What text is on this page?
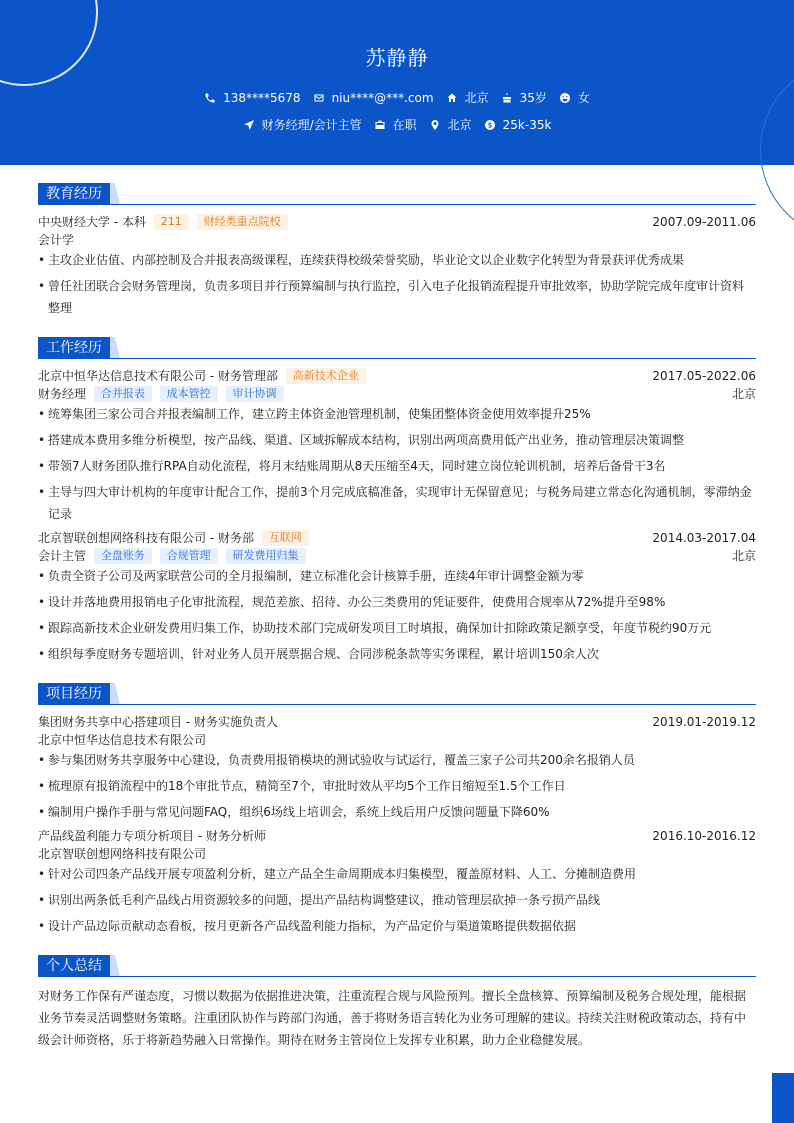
苏静静
138****5678	niu****@***.com	北京	35岁	女
财务经理/会计主管	在职	北京	25k-35k
教育经历
中央财经大学 - 本科 211 财经类重点院校	2007.09-2011.06
会计学
• 主攻企业估值、内部控制及合并报表高级课程，连续获得校级荣誉奖励，毕业论文以企业数字化转型为背景获评优秀成果
• 曾任社团联合会财务管理岗，负责多项目并行预算编制与执行监控，引入电子化报销流程提升审批效率，协助学院完成年度审计资料
整理
工作经历
北京中恒华达信息技术有限公司 - 财务管理部 高新技术企业	2017.05-2022.06
财务经理 合并报表 成本管控 审计协调	北京
• 统筹集团三家公司合并报表编制工作，建立跨主体资金池管理机制，使集团整体资金使用效率提升25%
• 搭建成本费用多维分析模型，按产品线、渠道、区域拆解成本结构，识别出两项高费用低产出业务，推动管理层决策调整
• 带领7人财务团队推行RPA自动化流程，将月末结账周期从8天压缩至4天，同时建立岗位轮训机制，培养后备骨干3名
• 主导与四大审计机构的年度审计配合工作，提前3个月完成底稿准备，实现审计无保留意见；与税务局建立常态化沟通机制，零滞纳金
记录
北京智联创想网络科技有限公司 - 财务部 互联网	2014.03-2017.04
会计主管 全盘账务 合规管理 研发费用归集	北京
• 负责全资子公司及两家联营公司的全月报编制，建立标准化会计核算手册，连续4年审计调整金额为零
• 设计并落地费用报销电子化审批流程，规范差旅、招待、办公三类费用的凭证要件，使费用合规率从72%提升至98%
• 跟踪高新技术企业研发费用归集工作，协助技术部门完成研发项目工时填报，确保加计扣除政策足额享受，年度节税约90万元
• 组织每季度财务专题培训，针对业务人员开展票据合规、合同涉税条款等实务课程，累计培训150余人次
项目经历
集团财务共享中心搭建项目 - 财务实施负责人	2019.01-2019.12
北京中恒华达信息技术有限公司
• 参与集团财务共享服务中心建设，负责费用报销模块的测试验收与试运行，覆盖三家子公司共200余名报销人员
• 梳理原有报销流程中的18个审批节点，精简至7个，审批时效从平均5个工作日缩短至1.5个工作日
• 编制用户操作手册与常见问题FAQ，组织6场线上培训会，系统上线后用户反馈问题量下降60%
产品线盈利能力专项分析项目 - 财务分析师	2016.10-2016.12
北京智联创想网络科技有限公司
• 针对公司四条产品线开展专项盈利分析，建立产品全生命周期成本归集模型，覆盖原材料、人工、分摊制造费用
• 识别出两条低毛利产品线占用资源较多的问题，提出产品结构调整建议，推动管理层砍掉一条亏损产品线
• 设计产品边际贡献动态看板，按月更新各产品线盈利能力指标，为产品定价与渠道策略提供数据依据
个人总结
对财务工作保有严谨态度，习惯以数据为依据推进决策，注重流程合规与风险预判。擅长全盘核算、预算编制及税务合规处理，能根据
业务节奏灵活调整财务策略。注重团队协作与跨部门沟通，善于将财务语言转化为业务可理解的建议。持续关注财税政策动态，持有中
级会计师资格，乐于将新趋势融入日常操作。期待在财务主管岗位上发挥专业积累，助力企业稳健发展。
